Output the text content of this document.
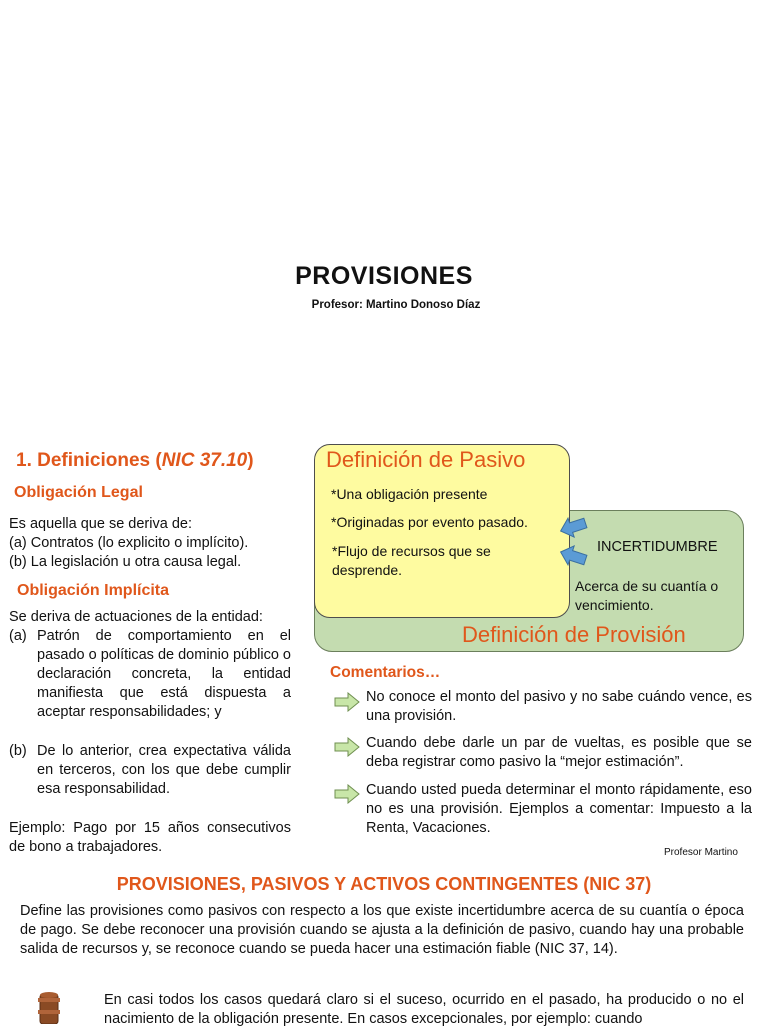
PROVISIONES
Profesor: Martino Donoso Díaz
1. Definiciones (NIC 37.10)
Obligación Legal
Es aquella que se deriva de:
(a) Contratos (lo explicito o implícito).
(b) La legislación u otra causa legal.
Obligación Implícita
Se deriva de actuaciones de la entidad:
(a) Patrón de comportamiento en el pasado o políticas de dominio público o declaración concreta, la entidad manifiesta que está dispuesta a aceptar responsabilidades; y
(b) De lo anterior, crea expectativa válida en terceros, con los que debe cumplir esa responsabilidad.
Ejemplo: Pago por 15 años consecutivos de bono a trabajadores.
Definición de Pasivo
*Una obligación presente
*Originadas por evento pasado.
*Flujo de recursos que se desprende.
INCERTIDUMBRE
Acerca de su cuantía o vencimiento.
Definición de Provisión
Comentarios…
No conoce el monto del pasivo y no sabe cuándo vence, es una provisión.
Cuando debe darle un par de vueltas, es posible que se deba registrar como pasivo la “mejor estimación”.
Cuando usted pueda determinar el monto rápidamente, eso no es una provisión. Ejemplos a comentar: Impuesto a la Renta, Vacaciones.
Profesor Martino
PROVISIONES, PASIVOS Y ACTIVOS CONTINGENTES (NIC 37)
Define las provisiones como pasivos con respecto a los que existe incertidumbre acerca de su cuantía o época de pago. Se debe reconocer una provisión cuando se ajusta a la definición de pasivo, cuando hay una probable salida de recursos y, se reconoce cuando se pueda hacer una estimación fiable (NIC 37, 14).
En casi todos los casos quedará claro si el suceso, ocurrido en el pasado, ha producido o no el nacimiento de la obligación presente. En casos excepcionales, por ejemplo: cuando
